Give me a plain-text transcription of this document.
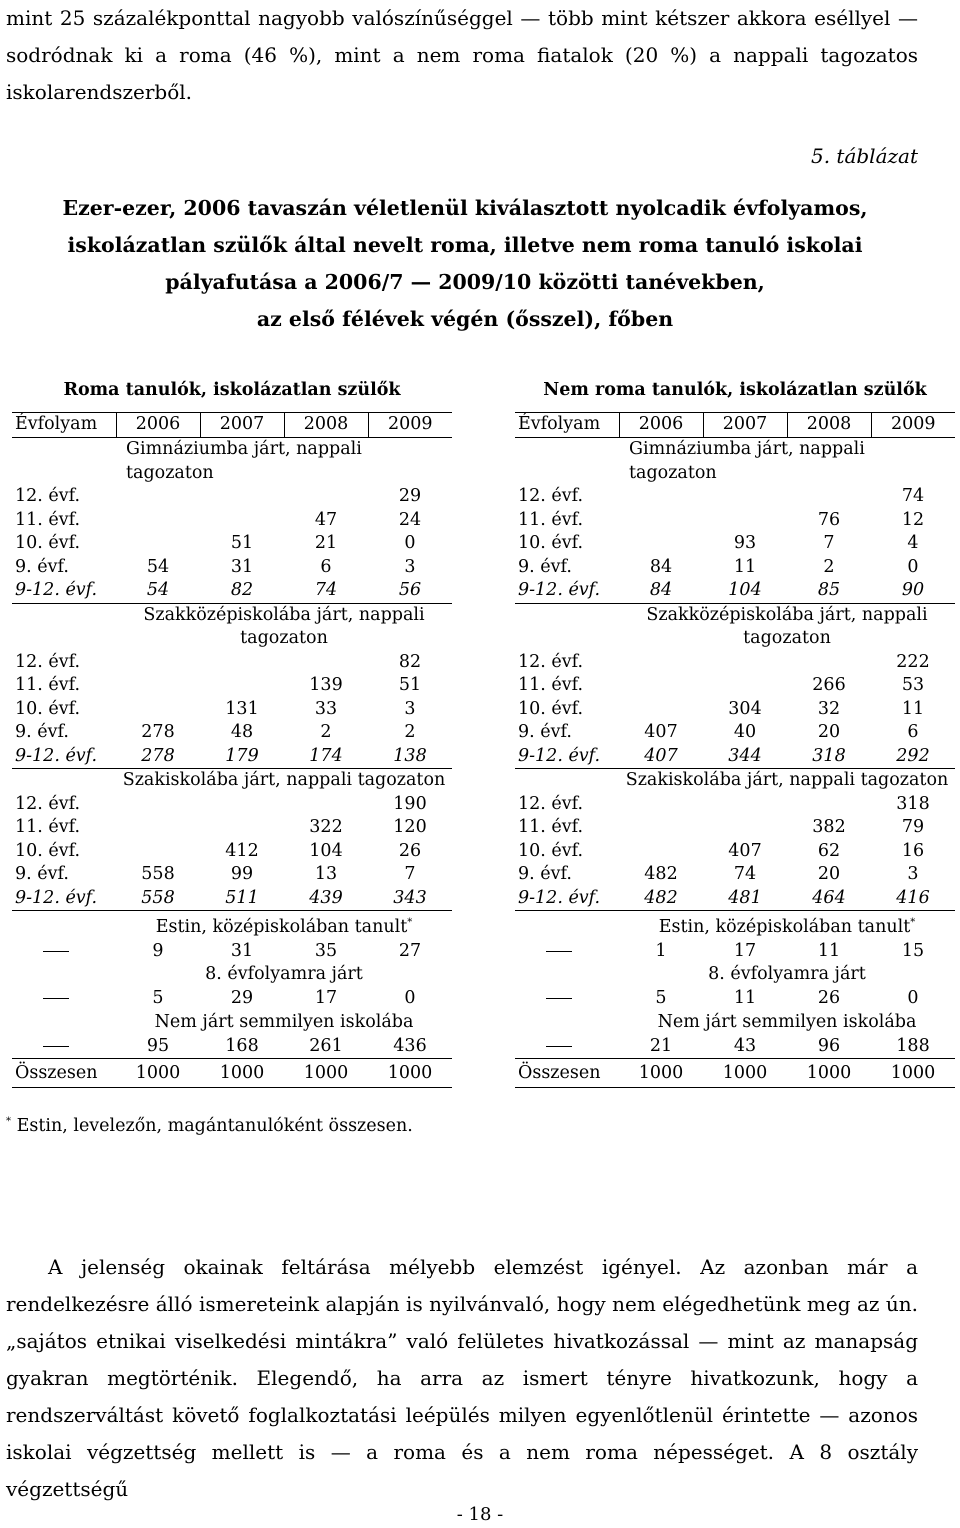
mint 25 százalékponttal nagyobb valószínűséggel — több mint kétszer akkora eséllyel —
sodródnak ki a roma (46 %), mint a nem roma fiatalok (20 %) a nappali tagozatos
iskolarendszerből.
5. táblázat
Ezer-ezer, 2006 tavaszán véletlenül kiválasztott nyolcadik évfolyamos,
iskolázatlan szülők által nevelt roma, illetve nem roma tanuló iskolai
pályafutása a 2006/7 — 2009/10 közötti tanévekben,
az első félévek végén (ősszel), főben
Roma tanulók, iskolázatlan szülők
Évfolyam	2006	2007	2008	2009
	Gimnáziumba járt, nappali tagozaton			
12. évf.				29
11. évf.			47	24
10. évf.		51	21	0
9. évf.	54	31	6	3
9-12. évf.	54	82	74	56
	Szakközépiskolába járt, nappali tagozaton			
12. évf.				82
11. évf.			139	51
10. évf.		131	33	3
9. évf.	278	48	2	2
9-12. évf.	278	179	174	138
	Szakiskolába járt, nappali tagozaton			
12. évf.				190
11. évf.			322	120
10. évf.		412	104	26
9. évf.	558	99	13	7
9-12. évf.	558	511	439	343
	Estin, középiskolában tanult*
	9	31	35	27
	8. évfolyamra járt			
	5	29	17	0
	Nem járt semmilyen iskolába			
	95	168	261	436
Összesen	1000	1000	1000	1000
Nem roma tanulók, iskolázatlan szülők
Évfolyam	2006	2007	2008	2009
	Gimnáziumba járt, nappali tagozaton			
12. évf.				74
11. évf.			76	12
10. évf.		93	7	4
9. évf.	84	11	2	0
9-12. évf.	84	104	85	90
	Szakközépiskolába járt, nappali tagozaton			
12. évf.				222
11. évf.			266	53
10. évf.		304	32	11
9. évf.	407	40	20	6
9-12. évf.	407	344	318	292
	Szakiskolába járt, nappali tagozaton			
12. évf.				318
11. évf.			382	79
10. évf.		407	62	16
9. évf.	482	74	20	3
9-12. évf.	482	481	464	416
	Estin, középiskolában tanult*
	1	17	11	15
	8. évfolyamra járt			
	5	11	26	0
	Nem járt semmilyen iskolába			
	21	43	96	188
Összesen	1000	1000	1000	1000
* Estin, levelezőn, magántanulóként összesen.
A jelenség okainak feltárása mélyebb elemzést igényel. Az azonban már a
rendelkezésre álló ismereteink alapján is nyilvánvaló, hogy nem elégedhetünk meg az ún.
„sajátos etnikai viselkedési mintákra” való felületes hivatkozással — mint az manapság
gyakran megtörténik. Elegendő, ha arra az ismert tényre hivatkozunk, hogy a
rendszerváltást követő foglalkoztatási leépülés milyen egyenlőtlenül érintette — azonos
iskolai végzettség mellett is — a roma és a nem roma népességet. A 8 osztály végzettségű
- 18 -
